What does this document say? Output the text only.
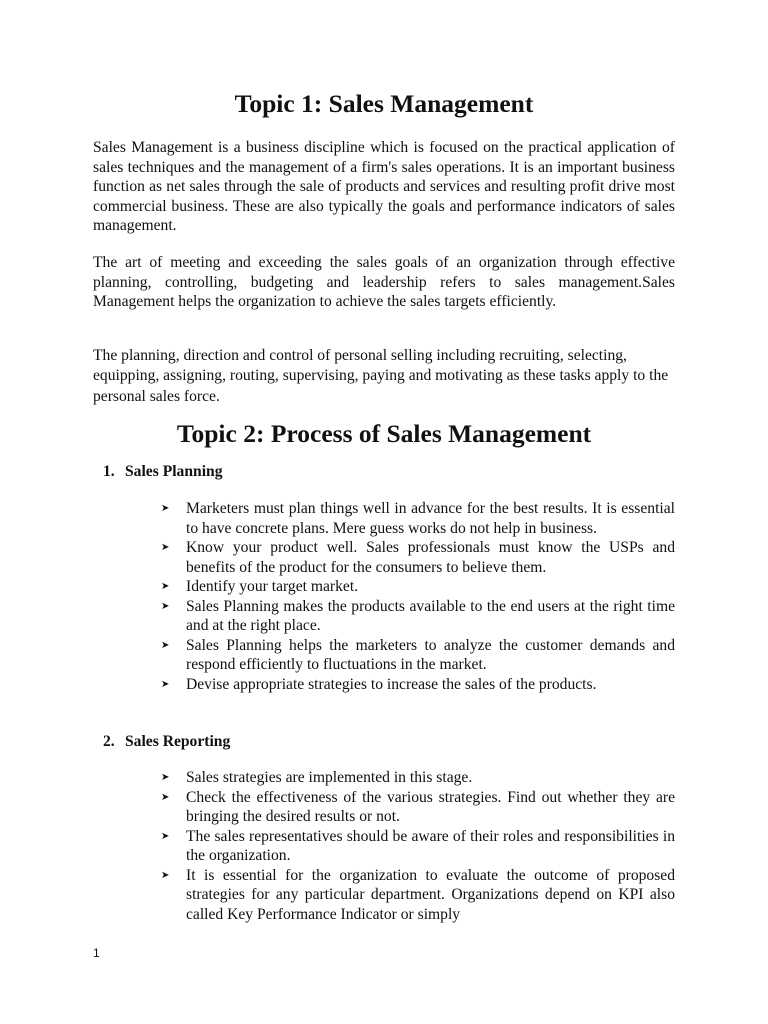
Topic 1: Sales Management

Sales Management is a business discipline which is focused on the practical application of sales techniques and the management of a firm's sales operations. It is an important business function as net sales through the sale of products and services and resulting profit drive most commercial business. These are also typically the goals and performance indicators of sales management.

The art of meeting and exceeding the sales goals of an organization through effective planning, controlling, budgeting and leadership refers to sales management.Sales Management helps the organization to achieve the sales targets efficiently.

The planning, direction and control of personal selling including recruiting, selecting, equipping, assigning, routing, supervising, paying and motivating as these tasks apply to the personal sales force.

Topic 2: Process of Sales Management
1. Sales Planning
➤ Marketers must plan things well in advance for the best results. It is essential to have concrete plans. Mere guess works do not help in business.
➤ Know your product well. Sales professionals must know the USPs and benefits of the product for the consumers to believe them.
➤ Identify your target market.
➤ Sales Planning makes the products available to the end users at the right time and at the right place.
➤ Sales Planning helps the marketers to analyze the customer demands and respond efficiently to fluctuations in the market.
➤ Devise appropriate strategies to increase the sales of the products.
2. Sales Reporting
➤ Sales strategies are implemented in this stage.
➤ Check the effectiveness of the various strategies. Find out whether they are bringing the desired results or not.
➤ The sales representatives should be aware of their roles and responsibilities in the organization.
➤ It is essential for the organization to evaluate the outcome of proposed strategies for any particular department. Organizations depend on KPI also called Key Performance Indicator or simply
1
